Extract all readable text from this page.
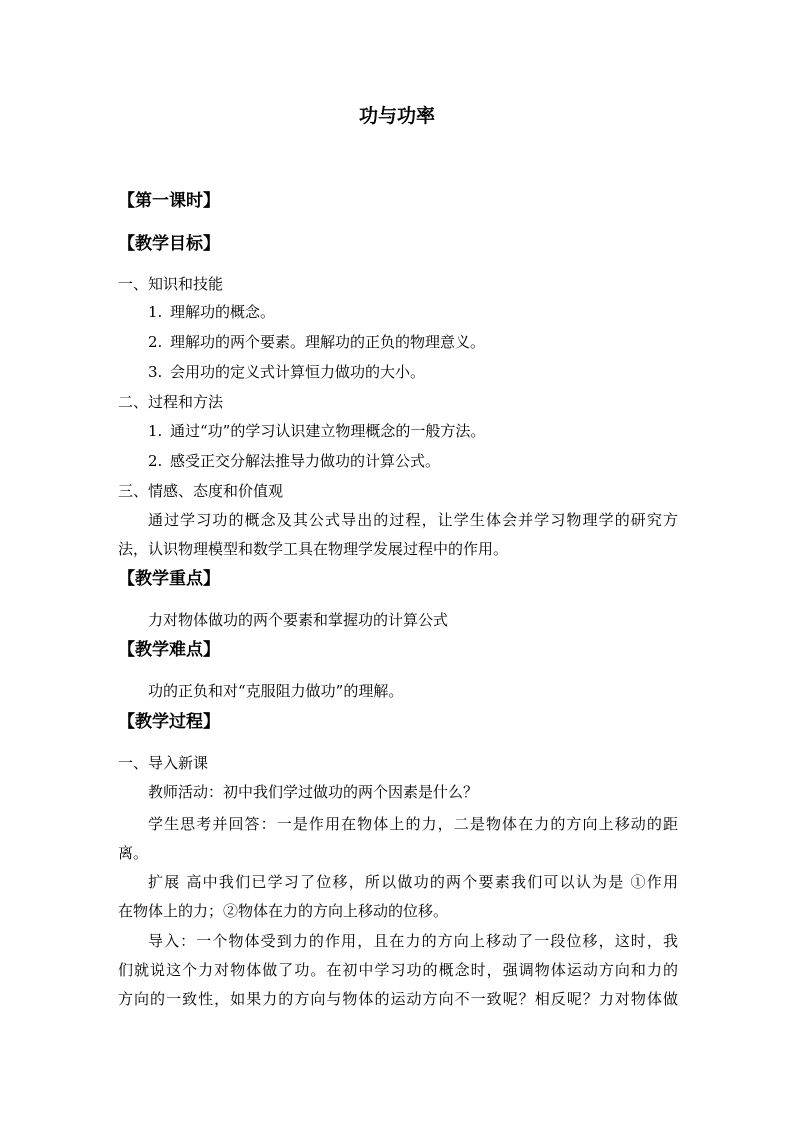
功与功率
【第一课时】
【教学目标】
一、知识和技能
1. 理解功的概念。
2. 理解功的两个要素。理解功的正负的物理意义。
3. 会用功的定义式计算恒力做功的大小。
二、过程和方法
1. 通过“功”的学习认识建立物理概念的一般方法。
2. 感受正交分解法推导力做功的计算公式。
三、情感、态度和价值观
通过学习功的概念及其公式导出的过程，让学生体会并学习物理学的研究方
法，认识物理模型和数学工具在物理学发展过程中的作用。
【教学重点】
力对物体做功的两个要素和掌握功的计算公式
【教学难点】
功的正负和对“克服阻力做功”的理解。
【教学过程】
一、导入新课
教师活动：初中我们学过做功的两个因素是什么？
学生思考并回答：一是作用在物体上的力，二是物体在力的方向上移动的距
离。
扩展 高中我们已学习了位移，所以做功的两个要素我们可以认为是 ①作用
在物体上的力；②物体在力的方向上移动的位移。
导入：一个物体受到力的作用，且在力的方向上移动了一段位移，这时，我
们就说这个力对物体做了功。在初中学习功的概念时，强调物体运动方向和力的
方向的一致性，如果力的方向与物体的运动方向不一致呢？相反呢？力对物体做
